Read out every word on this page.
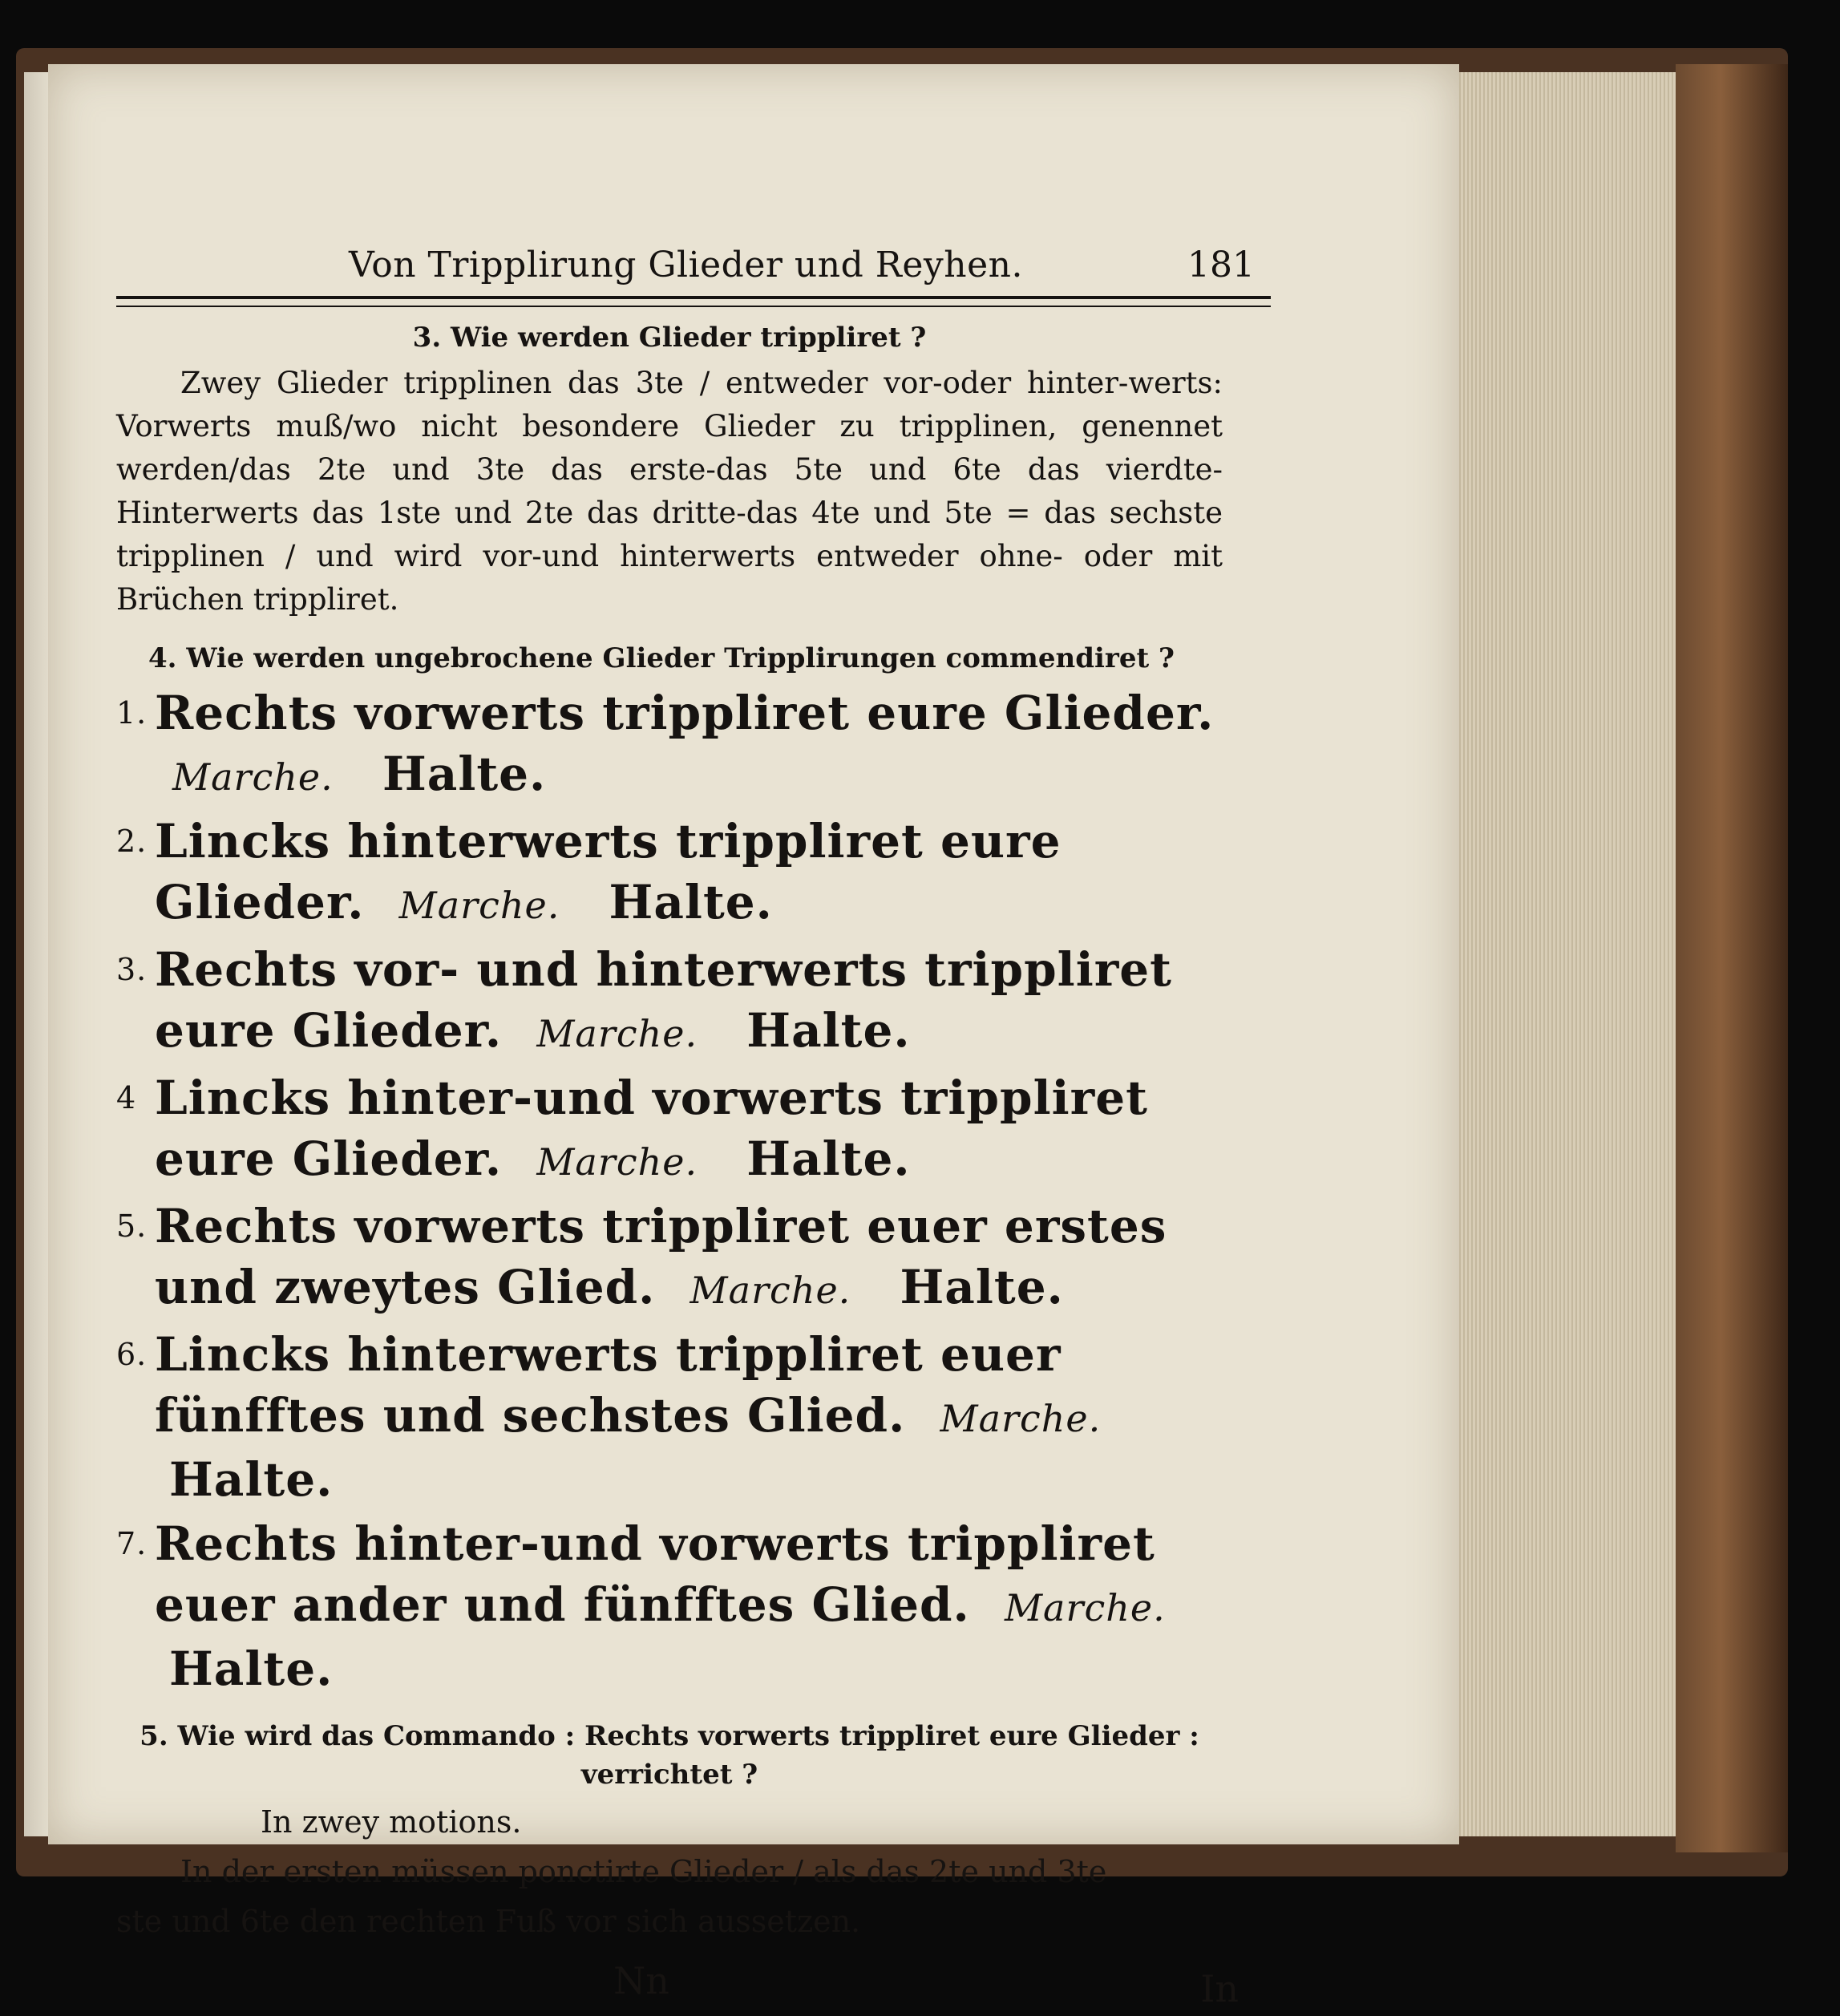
Von Tripplirung Glieder und Reyhen.	181
3. Wie werden Glieder trippliret ?

Zwey Glieder tripplinen das 3te / entweder vor-oder hinter-werts: Vorwerts muß/wo nicht besondere Glieder zu tripplinen, genennet werden/das 2te und 3te das erste-das 5te und 6te das vierdte- Hinterwerts das 1ste und 2te das dritte-das 4te und 5te = das sechste tripplinen / und wird vor-und hinterwerts entweder ohne- oder mit Brüchen trippliret.

4. Wie werden ungebrochene Glieder Tripplirungen commendiret ?
1. Rechts vorwerts trippliret eure Glieder. Marche. Halte.
2. Lincks hinterwerts trippliret eure Glieder. Marche. Halte.
3. Rechts vor- und hinterwerts trippliret eure Glieder. Marche. Halte.
4 Lincks hinter-und vorwerts trippliret eure Glieder. Marche. Halte.
5. Rechts vorwerts trippliret euer erstes und zweytes Glied. Marche. Halte.
6. Lincks hinterwerts trippliret euer fünfftes und sechstes Glied. Marche. Halte.
7. Rechts hinter-und vorwerts trippliret euer ander und fünfftes Glied. Marche. Halte.
5. Wie wird das Commando : Rechts vorwerts trippliret eure Glieder : verrichtet ?

In zwey motions.

In der ersten müssen ponctirte Glieder / als das 2te und 3te

ste und 6te den rechten Fuß vor sich aussetzen.

Nn	In
